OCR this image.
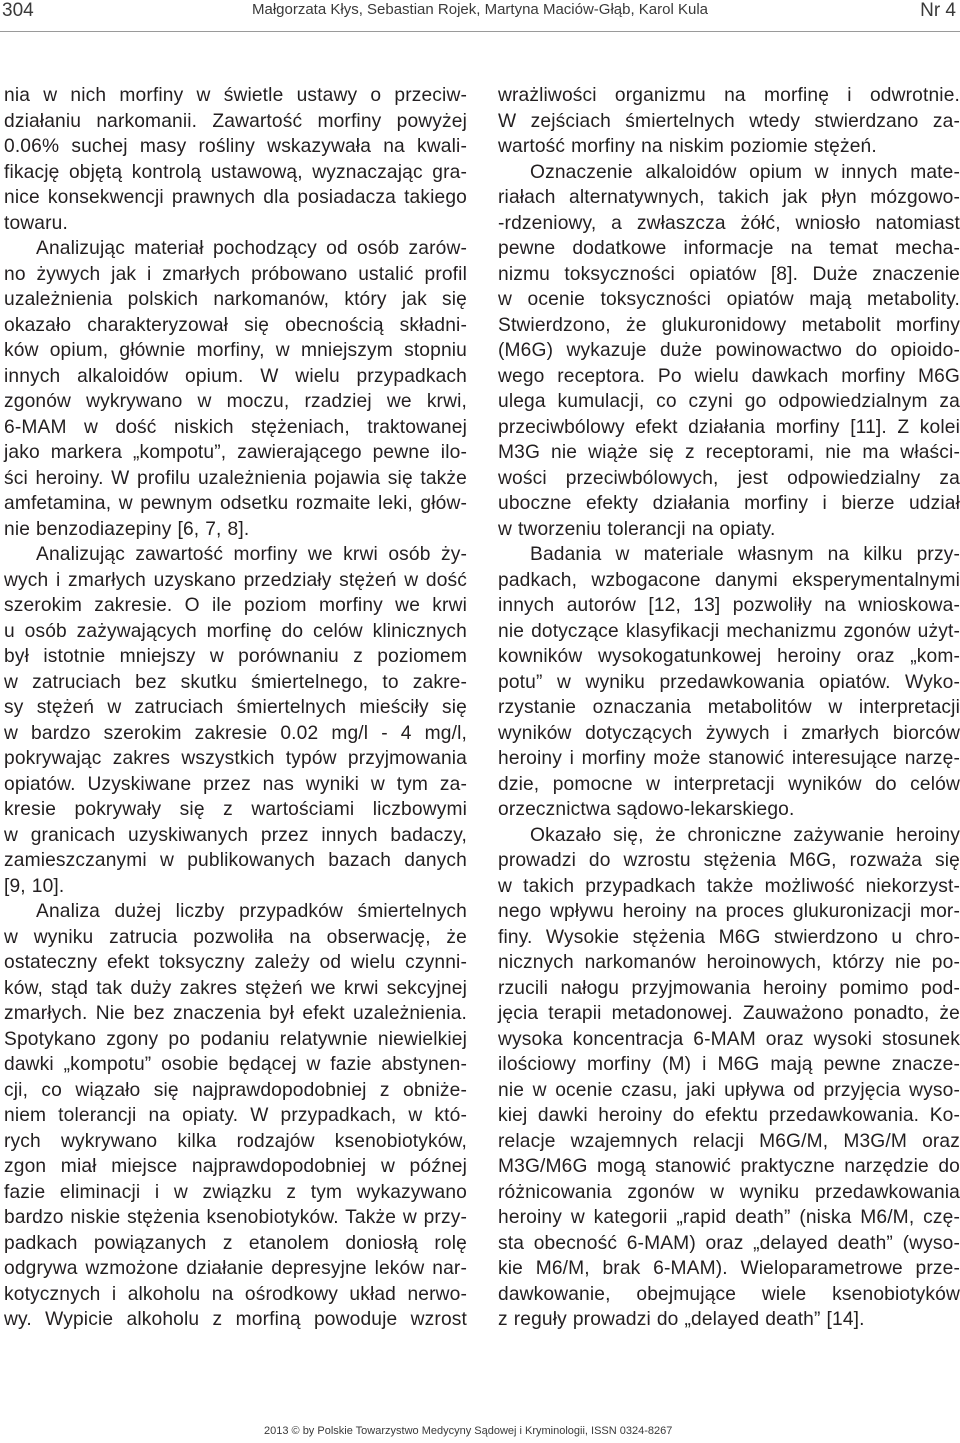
304	Małgorzata Kłys, Sebastian Rojek, Martyna Maciów-Głąb, Karol Kula	Nr 4
nia w nich morfiny w świetle ustawy o przeciw-
działaniu narkomanii. Zawartość morfiny powyżej
0.06% suchej masy rośliny wskazywała na kwali-
fikację objętą kontrolą ustawową, wyznaczając gra-
nice konsekwencji prawnych dla posiadacza takiego
towaru.
Analizując materiał pochodzący od osób zarów-
no żywych jak i zmarłych próbowano ustalić profil
uzależnienia polskich narkomanów, który jak się
okazało charakteryzował się obecnością składni-
ków opium, głównie morfiny, w mniejszym stopniu
innych alkaloidów opium. W wielu przypadkach
zgonów wykrywano w moczu, rzadziej we krwi,
6-MAM w dość niskich stężeniach, traktowanej
jako markera „kompotu”, zawierającego pewne ilo-
ści heroiny. W profilu uzależnienia pojawia się także
amfetamina, w pewnym odsetku rozmaite leki, głów-
nie benzodiazepiny [6, 7, 8].
Analizując zawartość morfiny we krwi osób ży-
wych i zmarłych uzyskano przedziały stężeń w dość
szerokim zakresie. O ile poziom morfiny we krwi
u osób zażywających morfinę do celów klinicznych
był istotnie mniejszy w porównaniu z poziomem
w zatruciach bez skutku śmiertelnego, to zakre-
sy stężeń w zatruciach śmiertelnych mieściły się
w bardzo szerokim zakresie 0.02 mg/l - 4 mg/l,
pokrywając zakres wszystkich typów przyjmowania
opiatów. Uzyskiwane przez nas wyniki w tym za-
kresie pokrywały się z wartościami liczbowymi
w granicach uzyskiwanych przez innych badaczy,
zamieszczanymi w publikowanych bazach danych
[9, 10].
Analiza dużej liczby przypadków śmiertelnych
w wyniku zatrucia pozwoliła na obserwację, że
ostateczny efekt toksyczny zależy od wielu czynni-
ków, stąd tak duży zakres stężeń we krwi sekcyjnej
zmarłych. Nie bez znaczenia był efekt uzależnienia.
Spotykano zgony po podaniu relatywnie niewielkiej
dawki „kompotu” osobie będącej w fazie abstynen-
cji, co wiązało się najprawdopodobniej z obniże-
niem tolerancji na opiaty. W przypadkach, w któ-
rych wykrywano kilka rodzajów ksenobiotyków,
zgon miał miejsce najprawdopodobniej w późnej
fazie eliminacji i w związku z tym wykazywano
bardzo niskie stężenia ksenobiotyków. Także w przy-
padkach powiązanych z etanolem doniosłą rolę
odgrywa wzmożone działanie depresyjne leków nar-
kotycznych i alkoholu na ośrodkowy układ nerwo-
wy. Wypicie alkoholu z morfiną powoduje wzrost
wrażliwości organizmu na morfinę i odwrotnie.
W zejściach śmiertelnych wtedy stwierdzano za-
wartość morfiny na niskim poziomie stężeń.
Oznaczenie alkaloidów opium w innych mate-
riałach alternatywnych, takich jak płyn mózgowo-
-rdzeniowy, a zwłaszcza żółć, wniosło natomiast
pewne dodatkowe informacje na temat mecha-
nizmu toksyczności opiatów [8]. Duże znaczenie
w ocenie toksyczności opiatów mają metabolity.
Stwierdzono, że glukuronidowy metabolit morfiny
(M6G) wykazuje duże powinowactwo do opioido-
wego receptora. Po wielu dawkach morfiny M6G
ulega kumulacji, co czyni go odpowiedzialnym za
przeciwbólowy efekt działania morfiny [11]. Z kolei
M3G nie wiąże się z receptorami, nie ma właści-
wości przeciwbólowych, jest odpowiedzialny za
uboczne efekty działania morfiny i bierze udział
w tworzeniu tolerancji na opiaty.
Badania w materiale własnym na kilku przy-
padkach, wzbogacone danymi eksperymentalnymi
innych autorów [12, 13] pozwoliły na wnioskowa-
nie dotyczące klasyfikacji mechanizmu zgonów użyt-
kowników wysokogatunkowej heroiny oraz „kom-
potu” w wyniku przedawkowania opiatów. Wyko-
rzystanie oznaczania metabolitów w interpretacji
wyników dotyczących żywych i zmarłych biorców
heroiny i morfiny może stanowić interesujące narzę-
dzie, pomocne w interpretacji wyników do celów
orzecznictwa sądowo-lekarskiego.
Okazało się, że chroniczne zażywanie heroiny
prowadzi do wzrostu stężenia M6G, rozważa się
w takich przypadkach także możliwość niekorzyst-
nego wpływu heroiny na proces glukuronizacji mor-
finy. Wysokie stężenia M6G stwierdzono u chro-
nicznych narkomanów heroinowych, którzy nie po-
rzucili nałogu przyjmowania heroiny pomimo pod-
jęcia terapii metadonowej. Zauważono ponadto, że
wysoka koncentracja 6-MAM oraz wysoki stosunek
ilościowy morfiny (M) i M6G mają pewne znacze-
nie w ocenie czasu, jaki upływa od przyjęcia wyso-
kiej dawki heroiny do efektu przedawkowania. Ko-
relacje wzajemnych relacji M6G/M, M3G/M oraz
M3G/M6G mogą stanowić praktyczne narzędzie do
różnicowania zgonów w wyniku przedawkowania
heroiny w kategorii „rapid death” (niska M6/M, czę-
sta obecność 6-MAM) oraz „delayed death” (wyso-
kie M6/M, brak 6-MAM). Wieloparametrowe prze-
dawkowanie, obejmujące wiele ksenobiotyków
z reguły prowadzi do „delayed death” [14].
2013 © by Polskie Towarzystwo Medycyny Sądowej i Kryminologii, ISSN 0324-8267
